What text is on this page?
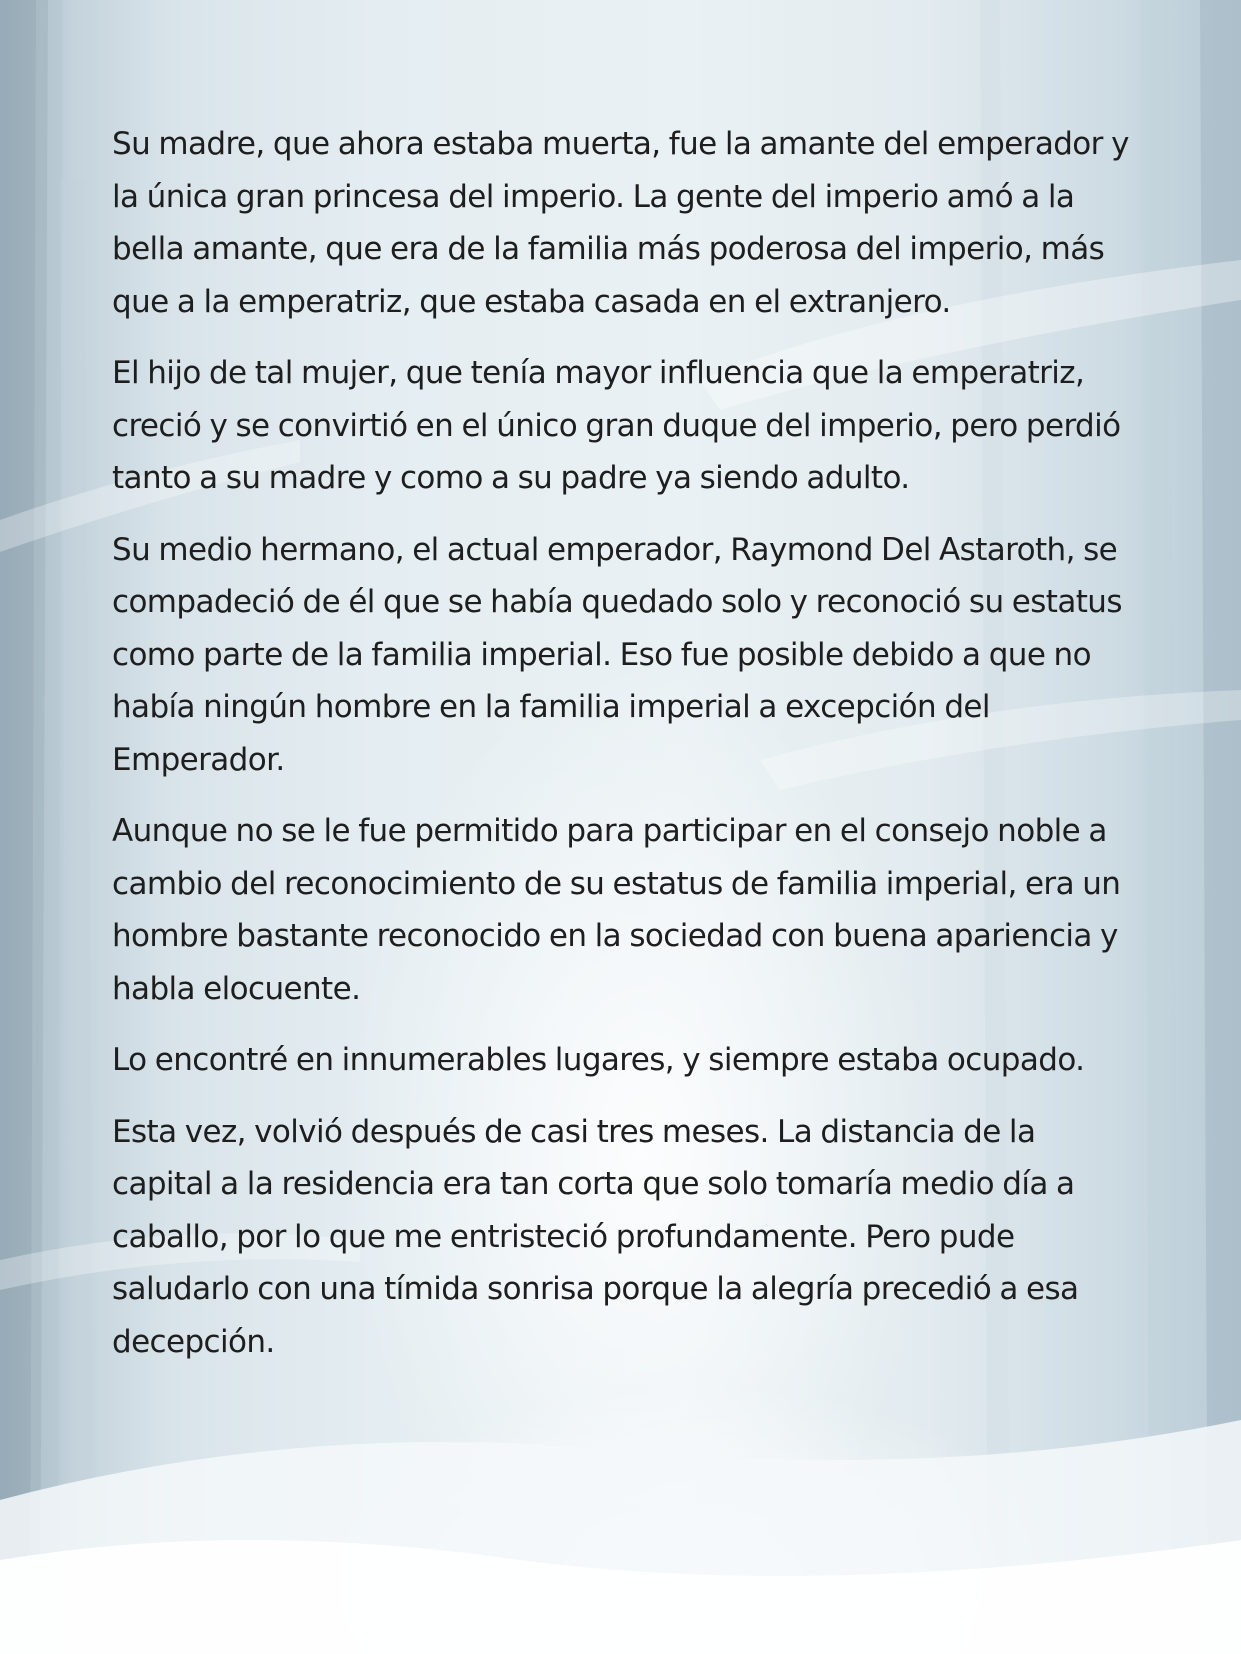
Su madre, que ahora estaba muerta, fue la amante del emperador y la única gran princesa del imperio. La gente del imperio amó a la bella amante, que era de la familia más poderosa del imperio, más que a la emperatriz, que estaba casada en el extranjero.

El hijo de tal mujer, que tenía mayor influencia que la emperatriz, creció y se convirtió en el único gran duque del imperio, pero perdió tanto a su madre y como a su padre ya siendo adulto.

Su medio hermano, el actual emperador, Raymond Del Astaroth, se compadeció de él que se había quedado solo y reconoció su estatus como parte de la familia imperial. Eso fue posible debido a que no había ningún hombre en la familia imperial a excepción del Emperador.

Aunque no se le fue permitido para participar en el consejo noble a cambio del reconocimiento de su estatus de familia imperial, era un hombre bastante reconocido en la sociedad con buena apariencia y habla elocuente.

Lo encontré en innumerables lugares, y siempre estaba ocupado.

Esta vez, volvió después de casi tres meses. La distancia de la capital a la residencia era tan corta que solo tomaría medio día a caballo, por lo que me entristeció profundamente. Pero pude saludarlo con una tímida sonrisa porque la alegría precedió a esa decepción.
